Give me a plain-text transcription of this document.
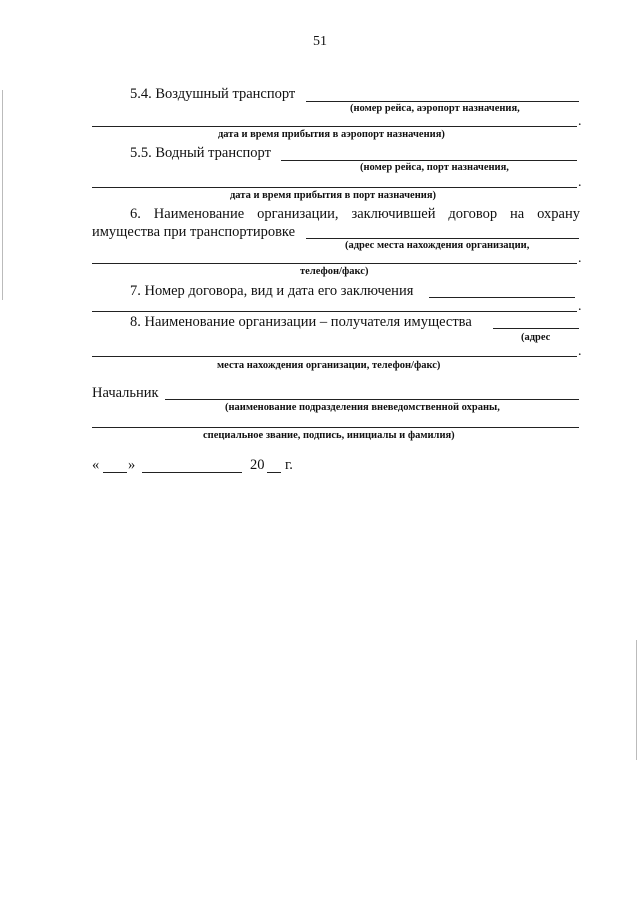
51
5.4. Воздушный транспорт
(номер рейса, аэропорт назначения,
.
дата и время прибытия в аэропорт назначения)
5.5. Водный транспорт
(номер рейса, порт назначения,
.
дата и время прибытия в порт назначения)
6. Наименование организации, заключившей договор на охрану
имущества при транспортировке
(адрес места нахождения организации,
.
телефон/факс)
7. Номер договора, вид и дата его заключения
.
8. Наименование организации – получателя имущества
(адрес
.
места нахождения организации, телефон/факс)
Начальник
(наименование подразделения вневедомственной охраны,
специальное звание, подпись, инициалы и фамилия)
« »	20 г.
